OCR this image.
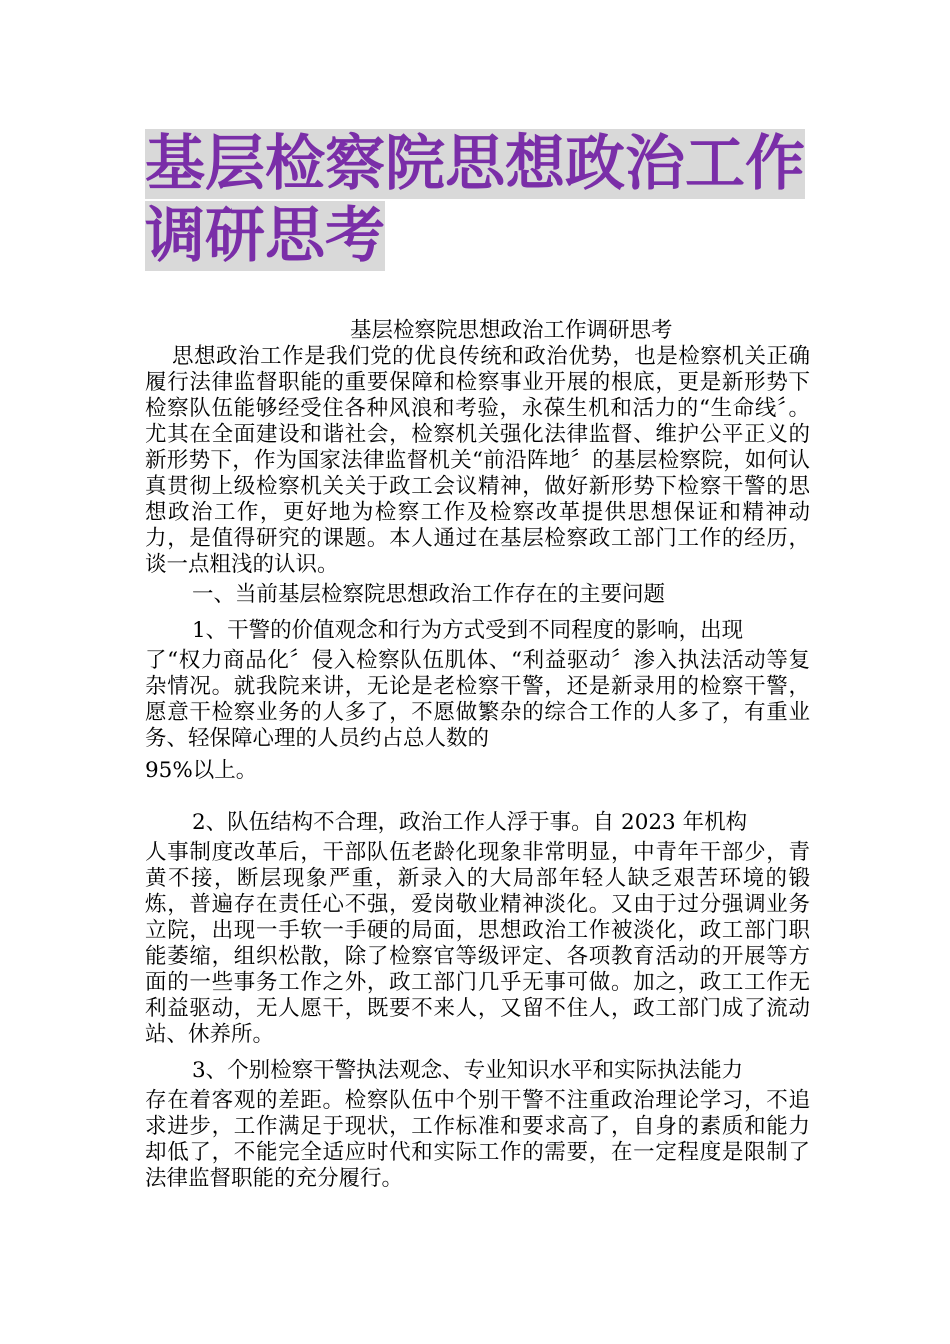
基层检察院思想政治工作调研思考

基层检察院思想政治工作调研思考

思想政治工作是我们党的优良传统和政治优势，也是检察机关正确履行法律监督职能的重要保障和检察事业开展的根底，更是新形势下检察队伍能够经受住各种风浪和考验，永葆生机和活力的“生命线〞。尤其在全面建设和谐社会，检察机关强化法律监督、维护公平正义的新形势下，作为国家法律监督机关“前沿阵地〞的基层检察院，如何认真贯彻上级检察机关关于政工会议精神，做好新形势下检察干警的思想政治工作，更好地为检察工作及检察改革提供思想保证和精神动力，是值得研究的课题。本人通过在基层检察政工部门工作的经历，谈一点粗浅的认识。

一、当前基层检察院思想政治工作存在的主要问题

1、干警的价值观念和行为方式受到不同程度的影响，出现

了“权力商品化〞侵入检察队伍肌体、“利益驱动〞渗入执法活动等复杂情况。就我院来讲，无论是老检察干警，还是新录用的检察干警，愿意干检察业务的人多了，不愿做繁杂的综合工作的人多了，有重业务、轻保障心理的人员约占总人数的

95%以上。

2、队伍结构不合理，政治工作人浮于事。自 2023 年机构

人事制度改革后，干部队伍老龄化现象非常明显，中青年干部少，青黄不接，断层现象严重，新录入的大局部年轻人缺乏艰苦环境的锻炼，普遍存在责任心不强，爱岗敬业精神淡化。又由于过分强调业务立院，出现一手软一手硬的局面，思想政治工作被淡化，政工部门职能萎缩，组织松散，除了检察官等级评定、各项教育活动的开展等方面的一些事务工作之外，政工部门几乎无事可做。加之，政工工作无利益驱动，无人愿干，既要不来人，又留不住人，政工部门成了流动站、休养所。

3、个别检察干警执法观念、专业知识水平和实际执法能力

存在着客观的差距。检察队伍中个别干警不注重政治理论学习，不追求进步，工作满足于现状，工作标准和要求高了，自身的素质和能力却低了，不能完全适应时代和实际工作的需要，在一定程度是限制了法律监督职能的充分履行。
